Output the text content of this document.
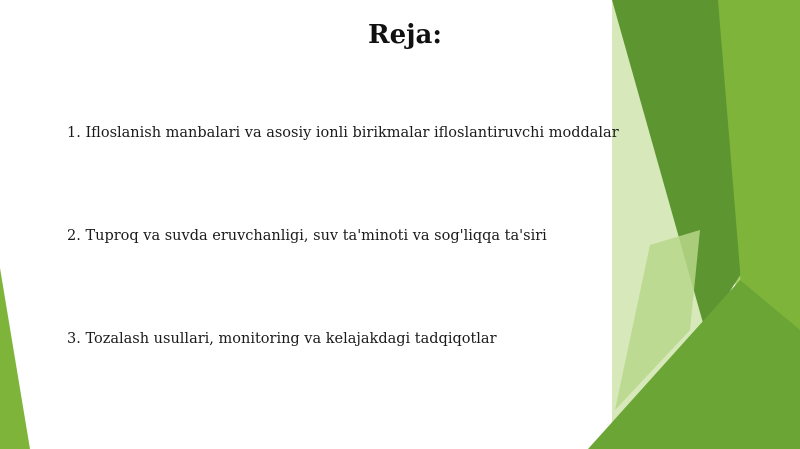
Reja:
1. Ifloslanish manbalari va asosiy ionli birikmalar ifloslantiruvchi moddalar
2. Tuproq va suvda eruvchanligi, suv ta'minoti va sog'liqqa ta'siri
3. Tozalash usullari, monitoring va kelajakdagi tadqiqotlar
